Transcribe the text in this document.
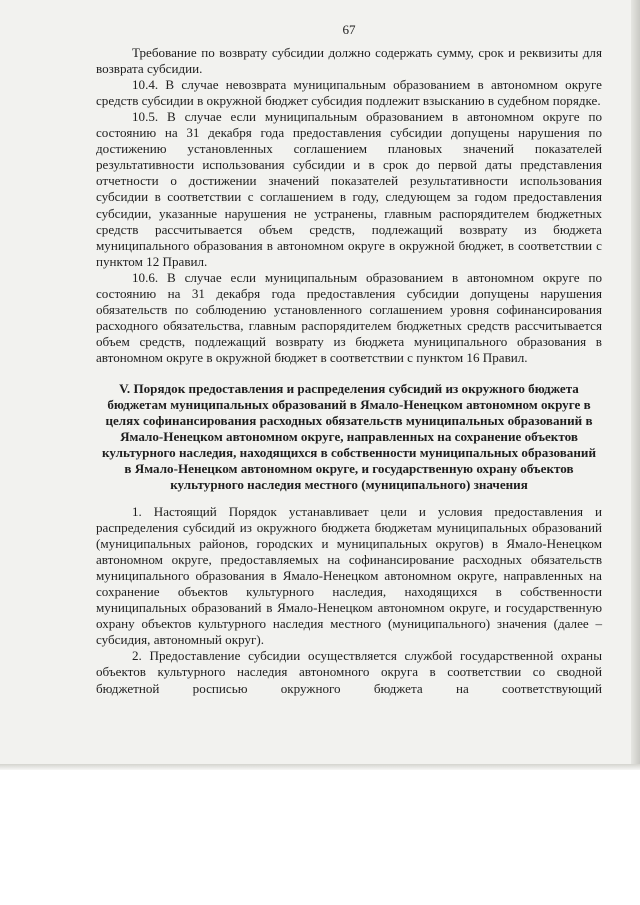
67

Требование по возврату субсидии должно содержать сумму, срок и реквизиты для возврата субсидии.

10.4. В случае невозврата муниципальным образованием в автономном округе средств субсидии в окружной бюджет субсидия подлежит взысканию в судебном порядке.

10.5. В случае если муниципальным образованием в автономном округе по состоянию на 31 декабря года предоставления субсидии допущены нарушения по достижению установленных соглашением плановых значений показателей результативности использования субсидии и в срок до первой даты представления отчетности о достижении значений показателей результативности использования субсидии в соответствии с соглашением в году, следующем за годом предоставления субсидии, указанные нарушения не устранены, главным распорядителем бюджетных средств рассчитывается объем средств, подлежащий возврату из бюджета муниципального образования в автономном округе в окружной бюджет, в соответствии с пунктом 12 Правил.

10.6. В случае если муниципальным образованием в автономном округе по состоянию на 31 декабря года предоставления субсидии допущены нарушения обязательств по соблюдению установленного соглашением уровня софинансирования расходного обязательства, главным распорядителем бюджетных средств рассчитывается объем средств, подлежащий возврату из бюджета муниципального образования в автономном округе в окружной бюджет в соответствии с пунктом 16 Правил.

V. Порядок предоставления и распределения субсидий из окружного бюджета бюджетам муниципальных образований в Ямало-Ненецком автономном округе в целях софинансирования расходных обязательств муниципальных образований в Ямало-Ненецком автономном округе, направленных на сохранение объектов культурного наследия, находящихся в собственности муниципальных образований в Ямало-Ненецком автономном округе, и государственную охрану объектов культурного наследия местного (муниципального) значения

1. Настоящий Порядок устанавливает цели и условия предоставления и распределения субсидий из окружного бюджета бюджетам муниципальных образований (муниципальных районов, городских и муниципальных округов) в Ямало-Ненецком автономном округе, предоставляемых на софинансирование расходных обязательств муниципального образования в Ямало-Ненецком автономном округе, направленных на сохранение объектов культурного наследия, находящихся в собственности муниципальных образований в Ямало-Ненецком автономном округе, и государственную охрану объектов культурного наследия местного (муниципального) значения (далее – субсидия, автономный округ).

2. Предоставление субсидии осуществляется службой государственной охраны объектов культурного наследия автономного округа в соответствии со сводной бюджетной росписью окружного бюджета на соответствующий
